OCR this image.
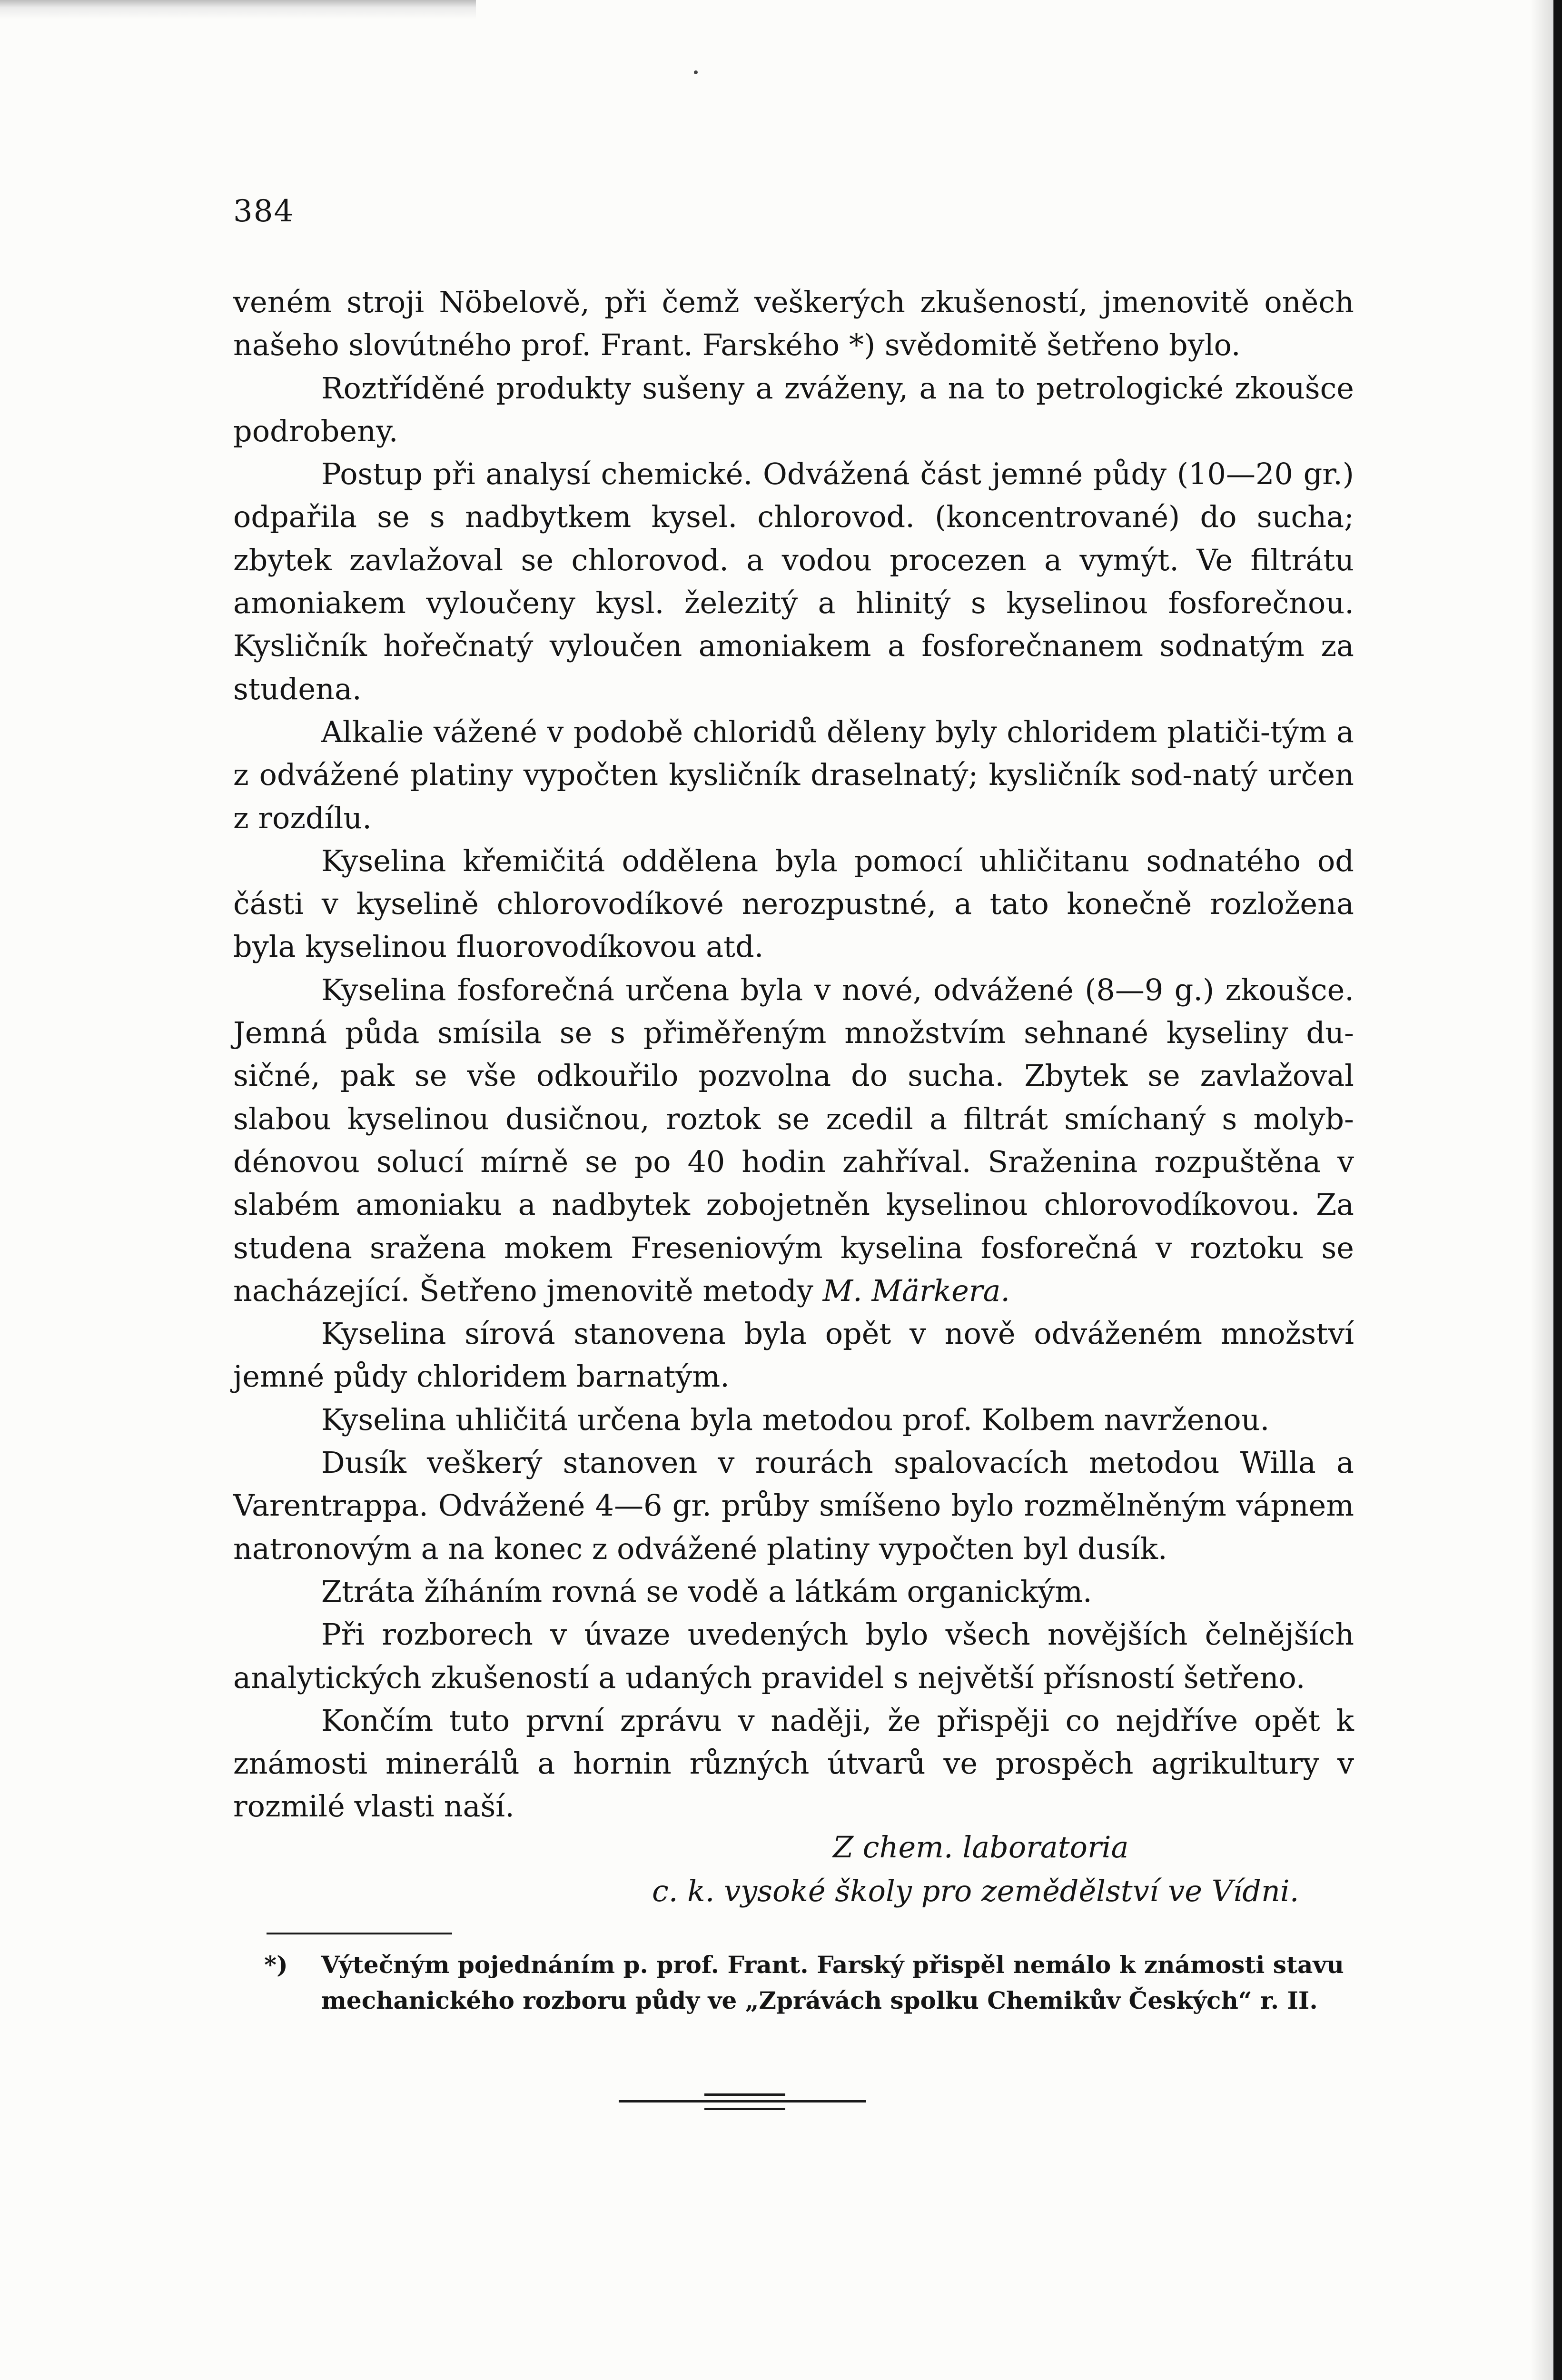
384

veném stroji Nöbelově, při čemž veškerých zkušeností, jmenovitě oněch našeho slovútného prof. Frant. Farského *) svědomitě šetřeno bylo.

Roztříděné produkty sušeny a zváženy, a na to petrologické zkoušce podrobeny.

Postup při analysí chemické. Odvážená část jemné půdy (10—20 gr.) odpařila se s nadbytkem kysel. chlorovod. (koncentrované) do sucha; zbytek zavlažoval se chlorovod. a vodou procezen a vymýt. Ve filtrátu amoniakem vyloučeny kysl. železitý a hlinitý s kyselinou fosforečnou. Kysličník hořečnatý vyloučen amoniakem a fosforečnanem sodnatým za studena.

Alkalie vážené v podobě chloridů děleny byly chloridem platiči-tým a z odvážené platiny vypočten kysličník draselnatý; kysličník sod-natý určen z rozdílu.

Kyselina křemičitá oddělena byla pomocí uhličitanu sodnatého od části v kyselině chlorovodíkové nerozpustné, a tato konečně rozložena byla kyselinou fluorovodíkovou atd.

Kyselina fosforečná určena byla v nové, odvážené (8—9 g.) zkoušce. Jemná půda smísila se s přiměřeným množstvím sehnané kyseliny du-sičné, pak se vše odkouřilo pozvolna do sucha. Zbytek se zavlažoval slabou kyselinou dusičnou, roztok se zcedil a filtrát smíchaný s molyb-dénovou solucí mírně se po 40 hodin zahříval. Sraženina rozpuštěna v slabém amoniaku a nadbytek zobojetněn kyselinou chlorovodíkovou. Za studena sražena mokem Freseniovým kyselina fosforečná v roztoku se nacházející. Šetřeno jmenovitě metody M. Märkera.

Kyselina sírová stanovena byla opět v nově odváženém množství jemné půdy chloridem barnatým.

Kyselina uhličitá určena byla metodou prof. Kolbem navrženou.

Dusík veškerý stanoven v rourách spalovacích metodou Willa a Varentrappa. Odvážené 4—6 gr. průby smíšeno bylo rozmělněným vápnem natronovým a na konec z odvážené platiny vypočten byl dusík.

Ztráta žíháním rovná se vodě a látkám organickým.

Při rozborech v úvaze uvedených bylo všech novějších čelnějších analytických zkušeností a udaných pravidel s největší přísností šetřeno.

Končím tuto první zprávu v naději, že přispěji co nejdříve opět k známosti minerálů a hornin různých útvarů ve prospěch agrikultury v rozmilé vlasti naší.

Z chem. laboratoria
c. k. vysoké školy pro zemědělství ve Vídni.
*) Výtečným pojednáním p. prof. Frant. Farský přispěl nemálo k známosti stavu
mechanického rozboru půdy ve „Zprávách spolku Chemikův Českých“ r. II.
